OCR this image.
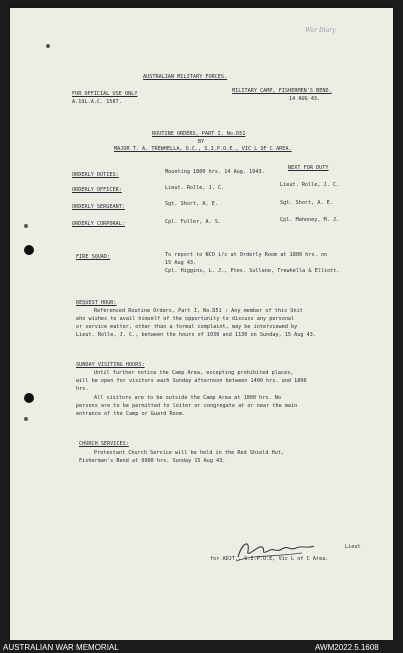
War Diary
AUSTRALIAN MILITARY FORCES.
FOR OFFICIAL USE ONLY
A.19L.A.C. 1587.
MILITARY CAMP, FISHERMEN'S BEND.
14 AUG 43.
ROUTINE ORDERS, PART I, No.D51
BY
MAJOR T. A. TREWHELLA, O.C., S.I.P.O.E., VIC L OF C AREA.
NEXT FOR DUTY
ORDERLY DUTIES:	Mounting 1800 hrs. 14 Aug. 1943.
ORDERLY OFFICER:	Lieut. Rolle, J. C.	Lieut. Rolle, J. C.
ORDERLY SERGEANT:	Sgt. Short, A. E.	Sgt. Short, A. E.
ORDERLY CORPORAL:	Cpl. Fuller, A. S.	Cpl. Mahoney, M. J.
FIRE SQUAD:	To report to NCO i/c at Orderly Room at 1800 hrs. on
15 Aug 43.
Cpl. Higgins, L. J., Ptes. Sullane, Trewhella & Elliott.
REQUEST HOUR:
Referenced Routine Orders, Part I, No.D51 : Any member of this Unit
who wishes to avail himself of the opportunity to discuss any personal
or service matter, other than a formal complaint, may be interviewed by
Lieut. Rolle, J. C., between the hours of 1030 and 1130 on Sunday, 15 Aug 43.
SUNDAY VISITING HOURS:
Until further notice the Camp Area, excepting prohibited places,
will be open for visitors each Sunday afternoon between 1400 hrs. and 1800
hrs.
All visitors are to be outside the Camp Area at 1800 hrs. No
persons are to be permitted to loiter or congregate at or near the main
entrance of the Camp or Guard Room.
CHURCH SERVICES:
Protestant Church Service will be held in the Red Shield Hut,
Fisherman's Bend at 0900 hrs. Sunday 15 Aug 43.
Lieut
for ADJT., S.I.P.O.E, Vic L of C Area.
AUSTRALIAN WAR MEMORIAL	AWM2022.5.1608
